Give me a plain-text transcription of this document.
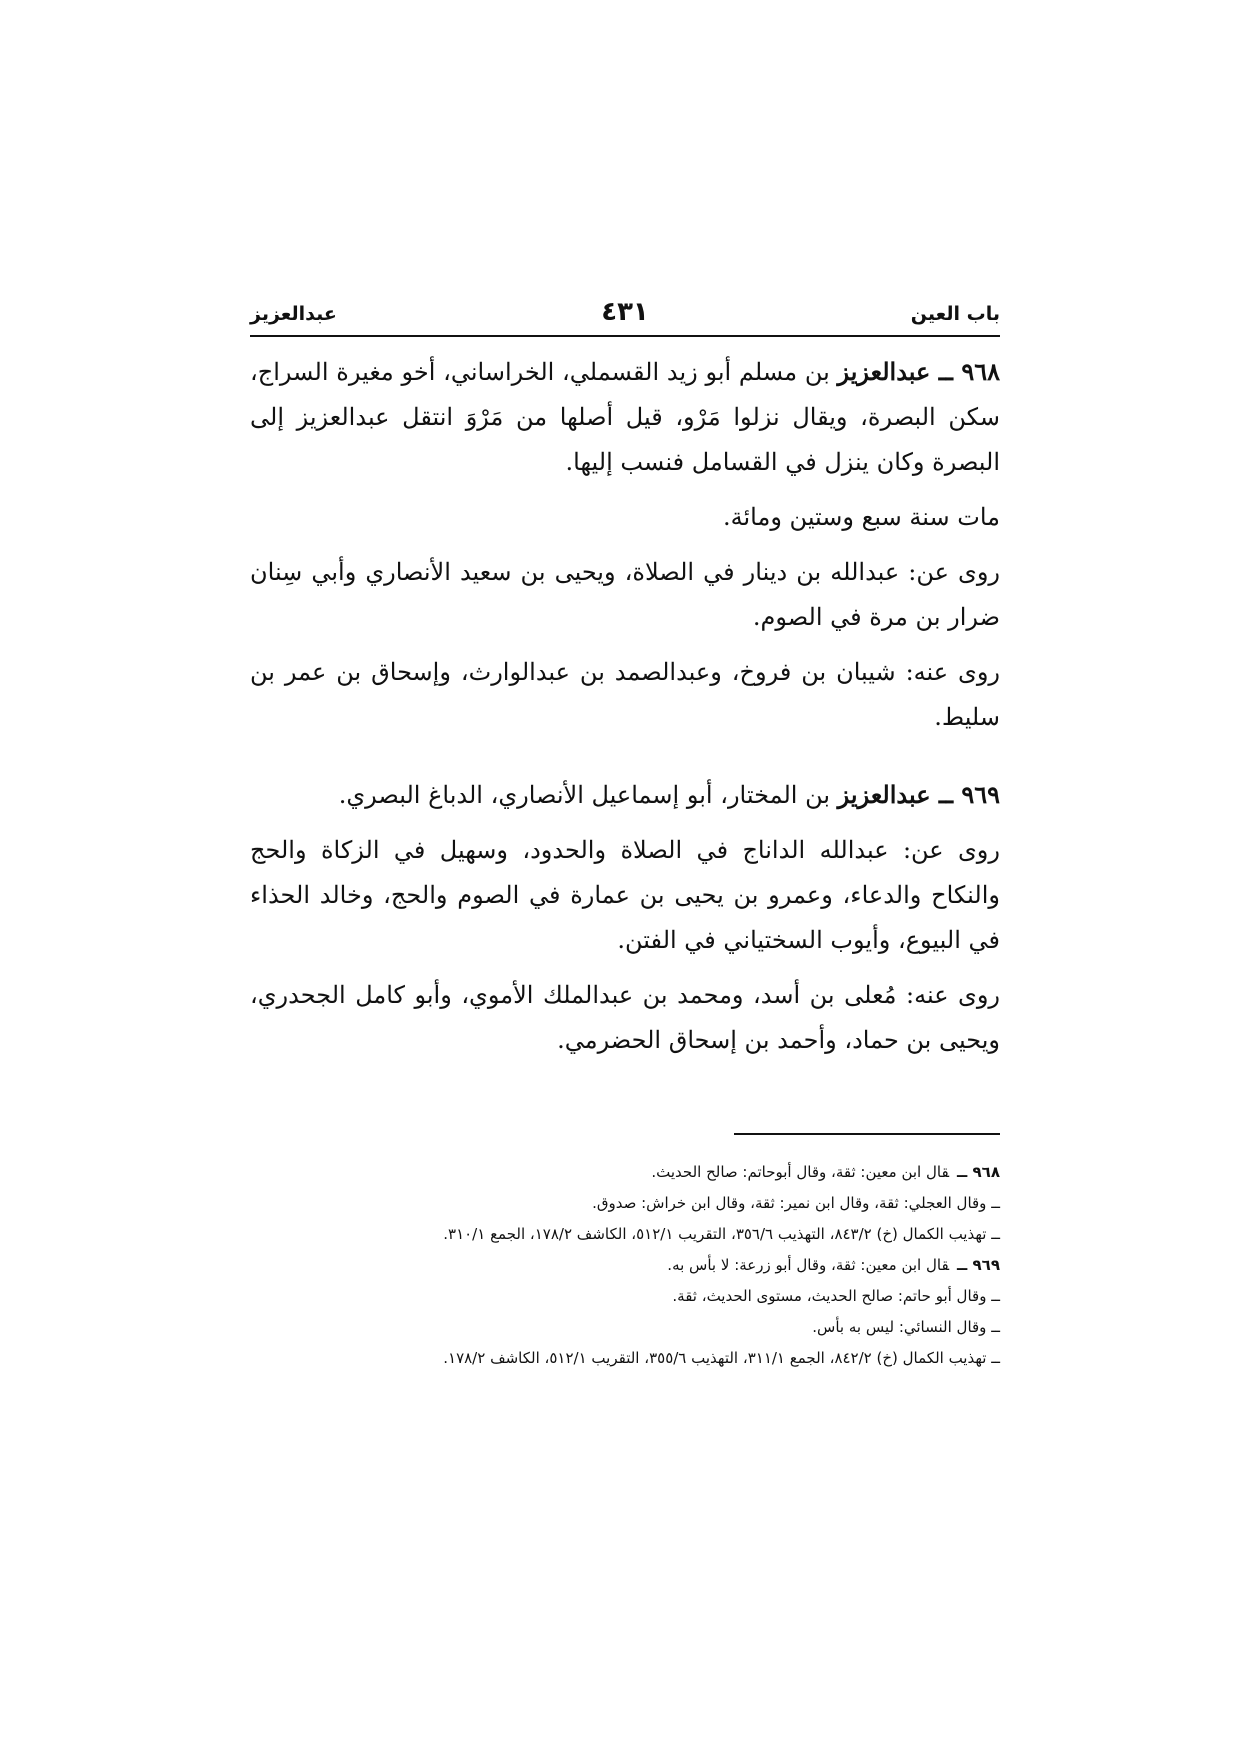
باب العين
٤٣١
عبدالعزيز

٩٦٨ ــ عبدالعزيز بن مسلم أبو زيد القسملي، الخراساني، أخو مغيرة السراج، سكن البصرة، ويقال نزلوا مَرْو، قيل أصلها من مَرْوَ انتقل عبدالعزيز إلى البصرة وكان ينزل في القسامل فنسب إليها.

مات سنة سبع وستين ومائة.

روى عن: عبدالله بن دينار في الصلاة، ويحيى بن سعيد الأنصاري وأبي سِنان ضرار بن مرة في الصوم.

روى عنه: شيبان بن فروخ، وعبدالصمد بن عبدالوارث، وإسحاق بن عمر بن سليط.

٩٦٩ ــ عبدالعزيز بن المختار، أبو إسماعيل الأنصاري، الدباغ البصري.

روى عن: عبدالله الداناج في الصلاة والحدود، وسهيل في الزكاة والحج والنكاح والدعاء، وعمرو بن يحيى بن عمارة في الصوم والحج، وخالد الحذاء في البيوع، وأيوب السختياني في الفتن.

روى عنه: مُعلى بن أسد، ومحمد بن عبدالملك الأموي، وأبو كامل الجحدري، ويحيى بن حماد، وأحمد بن إسحاق الحضرمي.

٩٦٨ ــقال ابن معين: ثقة، وقال أبوحاتم: صالح الحديث.

ــ وقال العجلي: ثقة، وقال ابن نمير: ثقة، وقال ابن خراش: صدوق.

ــ تهذيب الكمال (خ) ٨٤٣/٢، التهذيب ٣٥٦/٦، التقريب ٥١٢/١، الكاشف ١٧٨/٢، الجمع ٣١٠/١.

٩٦٩ ــقال ابن معين: ثقة، وقال أبو زرعة: لا بأس به.

ــ وقال أبو حاتم: صالح الحديث، مستوى الحديث، ثقة.

ــ وقال النسائي: ليس به بأس.

ــ تهذيب الكمال (خ) ٨٤٢/٢، الجمع ٣١١/١، التهذيب ٣٥٥/٦، التقريب ٥١٢/١، الكاشف ١٧٨/٢.
